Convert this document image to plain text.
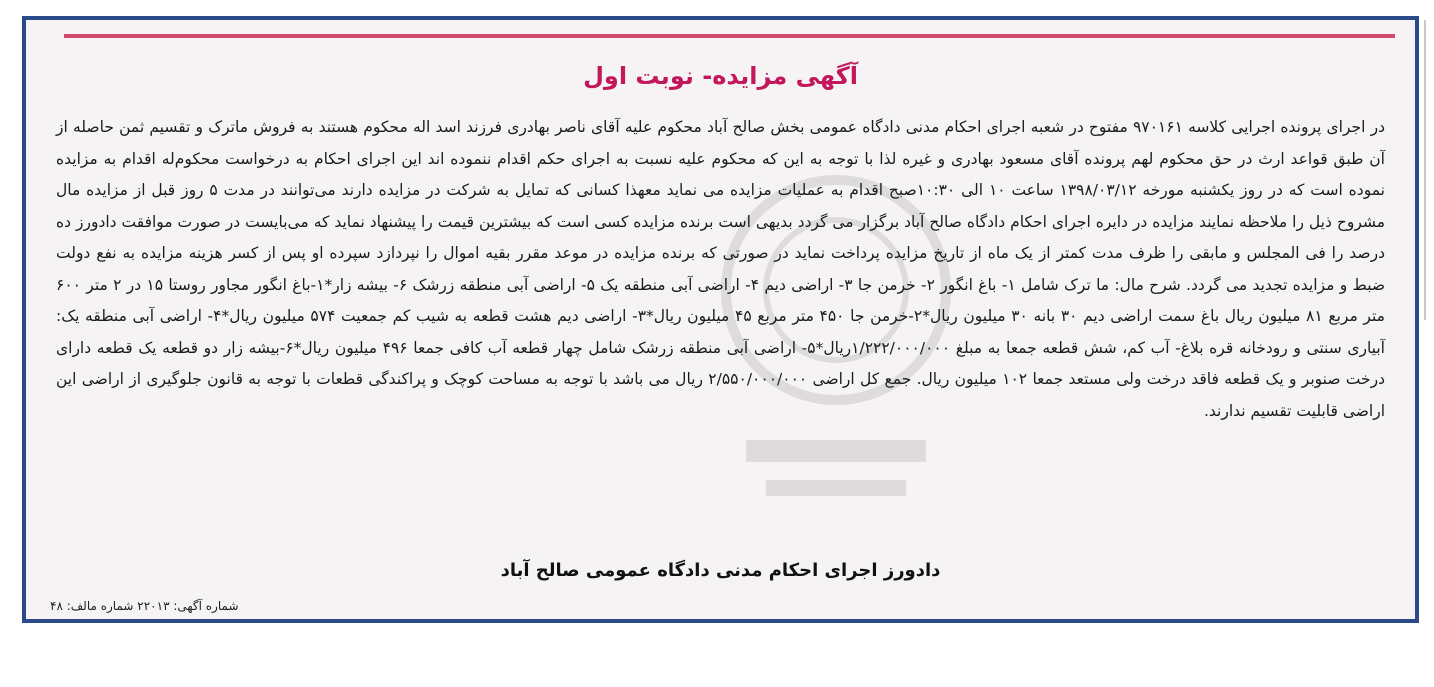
آگهی مزایده- نوبت اول
در اجرای پرونده اجرایی کلاسه ۹۷۰۱۶۱ مفتوح در شعبه اجرای احکام مدنی دادگاه عمومی بخش صالح آباد محکوم علیه آقای ناصر بهادری فرزند اسد اله محکوم هستند به فروش ماترک و تقسیم ثمن حاصله از آن طبق قواعد ارث در حق محکوم لهم پرونده آقای مسعود بهادری و غیره لذا با توجه به این که محکوم علیه نسبت به اجرای حکم اقدام ننموده اند این اجرای احکام به درخواست محکوم‌له اقدام به مزایده نموده است که در روز یکشنبه مورخه ۱۳۹۸/۰۳/۱۲ ساعت ۱۰ الی ۱۰:۳۰صبح اقدام به عملیات مزایده می نماید معهذا کسانی که تمایل به شرکت در مزایده دارند می‌توانند در مدت ۵ روز قبل از مزایده مال مشروح ذیل را ملاحظه نمایند مزایده در دایره اجرای احکام دادگاه صالح آباد برگزار می گردد بدیهی است برنده مزایده کسی است که بیشترین قیمت را پیشنهاد نماید که می‌بایست در صورت موافقت دادورز ده درصد را فی المجلس و مابقی را ظرف مدت کمتر از یک ماه از تاریخ مزایده پرداخت نماید در صورتی که برنده مزایده در موعد مقرر بقیه اموال را نپردازد سپرده او پس از کسر هزینه مزایده به نفع دولت ضبط و مزایده تجدید می گردد. شرح مال: ما ترک شامل ۱- باغ انگور ۲- خرمن جا ۳- اراضی دیم ۴- اراضی آبی منطقه یک ۵- اراضی آبی منطقه زرشک ۶- بیشه زار*۱-باغ انگور مجاور روستا ۱۵ در ۲ متر ۶۰۰ متر مربع ۸۱ میلیون ریال باغ سمت اراضی دیم ۳۰ بانه ۳۰ میلیون ریال*۲-خرمن جا ۴۵۰ متر مربع ۴۵ میلیون ریال*۳- اراضی دیم هشت قطعه به شیب کم جمعیت ۵۷۴ میلیون ریال*۴- اراضی آبی منطقه یک: آبیاری سنتی و رودخانه قره بلاغ- آب کم، شش قطعه جمعا به مبلغ ۱/۲۲۲/۰۰۰/۰۰۰ریال*۵- اراضی آبی منطقه زرشک شامل چهار قطعه آب کافی جمعا ۴۹۶ میلیون ریال*۶-بیشه زار دو قطعه یک قطعه دارای درخت صنوبر و یک قطعه فاقد درخت ولی مستعد جمعا ۱۰۲ میلیون ریال. جمع کل اراضی ۲/۵۵۰/۰۰۰/۰۰۰ ریال می باشد با توجه به مساحت کوچک و پراکندگی قطعات با توجه به قانون جلوگیری از اراضی این اراضی قابلیت تقسیم ندارند.
دادورز اجرای احکام مدنی دادگاه عمومی صالح آباد
شماره آگهی: ۲۲۰۱۳ شماره مالف: ۴۸
